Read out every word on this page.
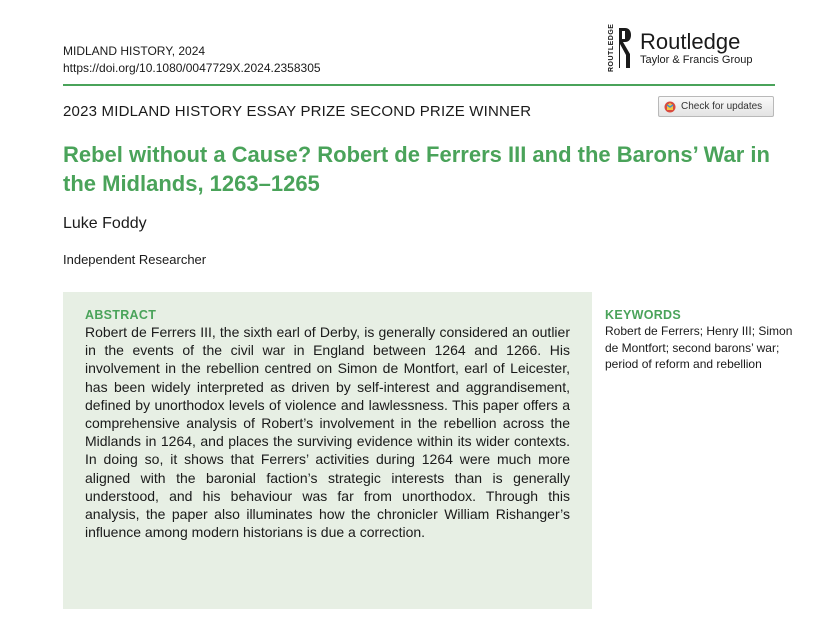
MIDLAND HISTORY, 2024
https://doi.org/10.1080/0047729X.2024.2358305	ROUTLEDGE Routledge
Taylor & Francis Group
2023 MIDLAND HISTORY ESSAY PRIZE SECOND PRIZE WINNER	Check for updates
Rebel without a Cause? Robert de Ferrers III and the Barons’ War in the Midlands, 1263–1265
Luke Foddy
Independent Researcher
ABSTRACT

Robert de Ferrers III, the sixth earl of Derby, is generally considered an outlier in the events of the civil war in England between 1264 and 1266. His involvement in the rebellion centred on Simon de Montfort, earl of Leicester, has been widely interpreted as driven by self-interest and aggrandisement, defined by unorthodox levels of violence and lawlessness. This paper offers a comprehensive analysis of Robert’s involvement in the rebellion across the Midlands in 1264, and places the surviving evidence within its wider contexts. In doing so, it shows that Ferrers’ activities during 1264 were much more aligned with the baronial faction’s strategic interests than is generally understood, and his behaviour was far from unorthodox. Through this analysis, the paper also illuminates how the chronicler William Rishanger’s influence among modern historians is due a correction.

KEYWORDS
Robert de Ferrers; Henry III; Simon de Montfort; second barons’ war; period of reform and rebellion
